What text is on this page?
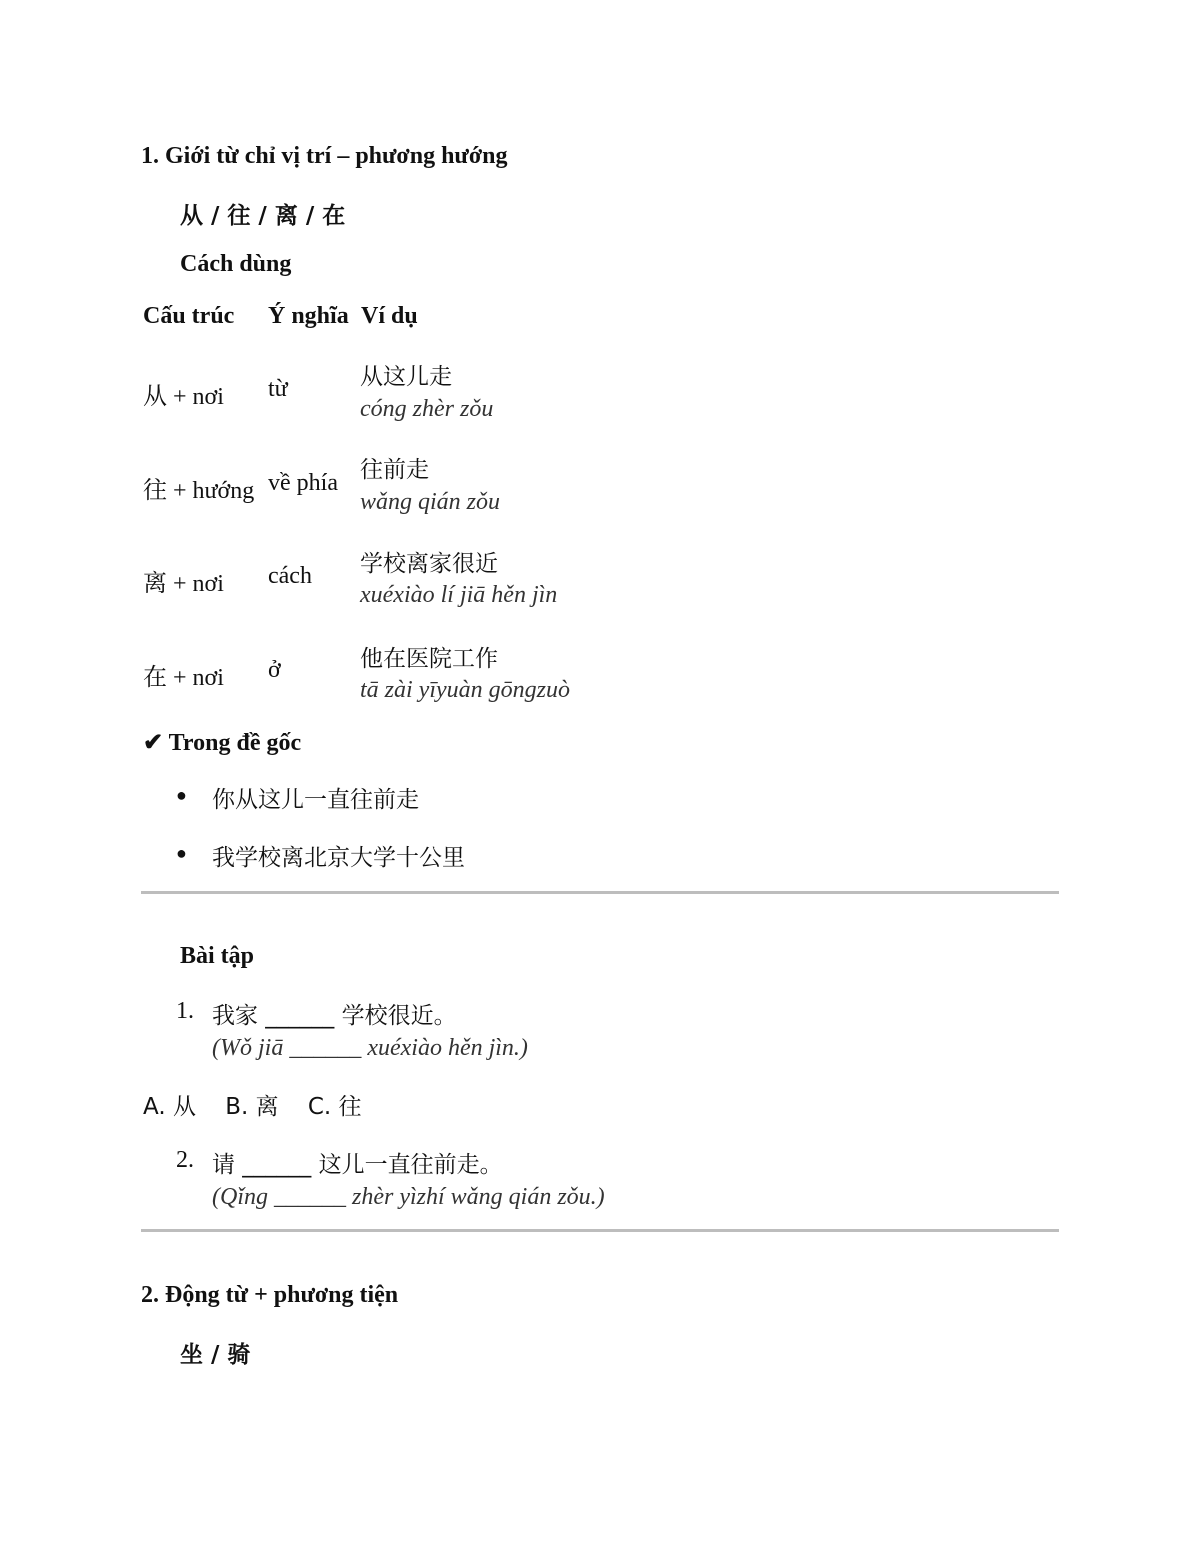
1. Giới từ chỉ vị trí – phương hướng
从 / 往 / 离 / 在
Cách dùng
Cấu trúc Ý nghĩa Ví dụ
从 + nơi từ	从这儿走
cóng zhèr zǒu
往 + hướng về phía 往前走
wǎng qián zǒu
离 + nơi cách 学校离家很近
xuéxiào lí jiā hěn jìn
在 + nơi ở	他在医院工作
tā zài yīyuàn gōngzuò
✔ Trong đề gốc
● 你从这儿一直往前走
● 我学校离北京大学十公里
Bài tập
1. 我家 ______ 学校很近。
(Wǒ jiā ______ xuéxiào hěn jìn.)
A. 从    B. 离    C. 往
2. 请 ______ 这儿一直往前走。
(Qǐng ______ zhèr yìzhí wǎng qián zǒu.)
2. Động từ + phương tiện
坐 / 骑
